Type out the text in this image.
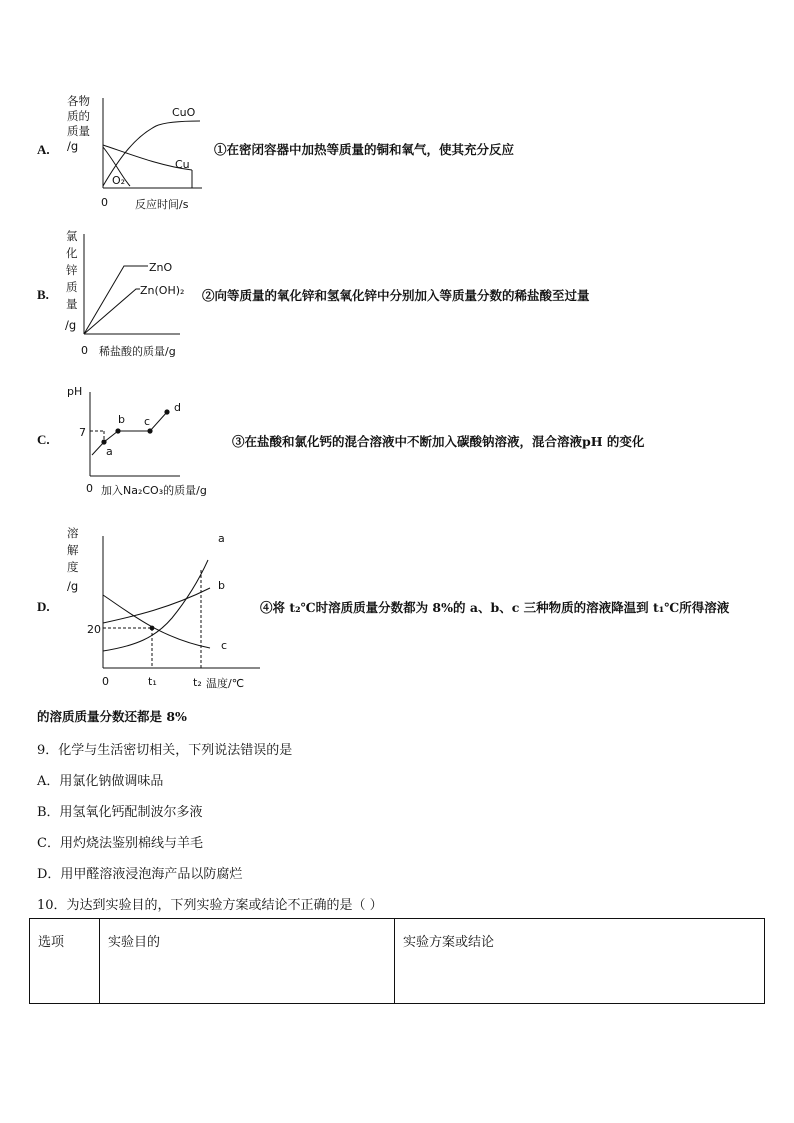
A.
各物
质的
质量
/g
CuO
Cu
O₂
0 反应时间/s
①在密闭容器中加热等质量的铜和氧气，使其充分反应
B.
氯
化
锌
质
量
/g
ZnO
Zn(OH)₂
0 稀盐酸的质量/g
②向等质量的氧化锌和氢氧化锌中分别加入等质量分数的稀盐酸至过量
C.
pH
7
a
b c
d
0 加入Na₂CO₃的质量/g
③在盐酸和氯化钙的混合溶液中不断加入碳酸钠溶液，混合溶液pH 的变化
D.
溶
解
度
/g
20
a
b
c
0	t₁	t₂ 温度/℃
④将 t₂℃时溶质质量分数都为 8%的 a、b、c 三种物质的溶液降温到 t₁℃所得溶液
的溶质质量分数还都是 8%
9．化学与生活密切相关，下列说法错误的是
A．用氯化钠做调味品
B．用氢氧化钙配制波尔多液
C．用灼烧法鉴别棉线与羊毛
D．用甲醛溶液浸泡海产品以防腐烂
10．为达到实验目的，下列实验方案或结论不正确的是（ ）
选项	实验目的	实验方案或结论
